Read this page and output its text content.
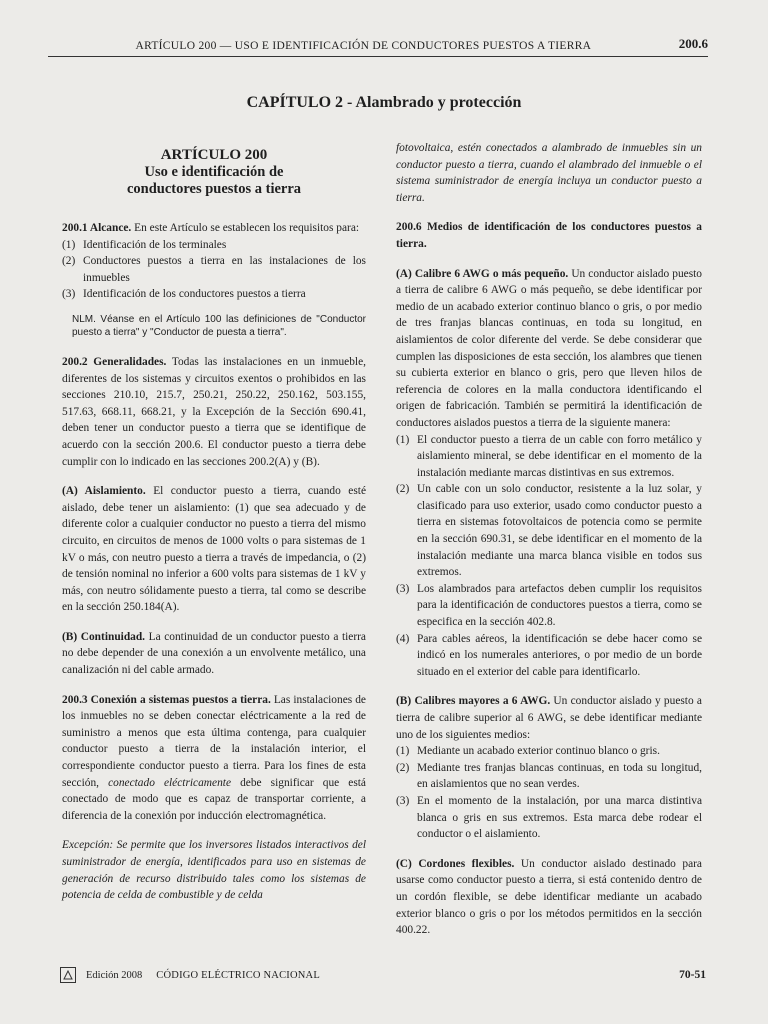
ARTÍCULO 200 — USO E IDENTIFICACIÓN DE CONDUCTORES PUESTOS A TIERRA	200.6
CAPÍTULO 2 - Alambrado y protección
ARTÍCULO 200
Uso e identificación de
conductores puestos a tierra

200.1 Alcance. En este Artículo se establecen los requisitos para:

(1) Identificación de los terminales
(2) Conductores puestos a tierra en las instalaciones de los inmuebles
(3) Identificación de los conductores puestos a tierra

NLM. Véanse en el Artículo 100 las definiciones de "Conductor puesto a tierra" y "Conductor de puesta a tierra".

200.2 Generalidades. Todas las instalaciones en un inmueble, diferentes de los sistemas y circuitos exentos o prohibidos en las secciones 210.10, 215.7, 250.21, 250.22, 250.162, 503.155, 517.63, 668.11, 668.21, y la Excepción de la Sección 690.41, deben tener un conductor puesto a tierra que se identifique de acuerdo con la sección 200.6. El conductor puesto a tierra debe cumplir con lo indicado en las secciones 200.2(A) y (B).

(A) Aislamiento. El conductor puesto a tierra, cuando esté aislado, debe tener un aislamiento: (1) que sea adecuado y de diferente color a cualquier conductor no puesto a tierra del mismo circuito, en circuitos de menos de 1000 volts o para sistemas de 1 kV o más, con neutro puesto a tierra a través de impedancia, o (2) de tensión nominal no inferior a 600 volts para sistemas de 1 kV y más, con neutro sólidamente puesto a tierra, tal como se describe en la sección 250.184(A).

(B) Continuidad. La continuidad de un conductor puesto a tierra no debe depender de una conexión a un envolvente metálico, una canalización ni del cable armado.

200.3 Conexión a sistemas puestos a tierra. Las instalaciones de los inmuebles no se deben conectar eléctricamente a la red de suministro a menos que esta última contenga, para cualquier conductor puesto a tierra de la instalación interior, el correspondiente conductor puesto a tierra. Para los fines de esta sección, conectado eléctricamente debe significar que está conectado de modo que es capaz de transportar corriente, a diferencia de la conexión por inducción electromagnética.

Excepción: Se permite que los inversores listados interactivos del suministrador de energía, identificados para uso en sistemas de generación de recurso distribuido tales como los sistemas de potencia de celda de combustible y de celda

fotovoltaica, estén conectados a alambrado de inmuebles sin un conductor puesto a tierra, cuando el alambrado del inmueble o el sistema suministrador de energía incluya un conductor puesto a tierra.

200.6 Medios de identificación de los conductores puestos a tierra.

(A) Calibre 6 AWG o más pequeño. Un conductor aislado puesto a tierra de calibre 6 AWG o más pequeño, se debe identificar por medio de un acabado exterior continuo blanco o gris, o por medio de tres franjas blancas continuas, en toda su longitud, en aislamientos de color diferente del verde. Se debe considerar que cumplen las disposiciones de esta sección, los alambres que tienen su cubierta exterior en blanco o gris, pero que lleven hilos de referencia de colores en la malla conductora identificando el origen de fabricación. También se permitirá la identificación de conductores aislados puestos a tierra de la siguiente manera:

(1) El conductor puesto a tierra de un cable con forro metálico y aislamiento mineral, se debe identificar en el momento de la instalación mediante marcas distintivas en sus extremos.
(2) Un cable con un solo conductor, resistente a la luz solar, y clasificado para uso exterior, usado como conductor puesto a tierra en sistemas fotovoltaicos de potencia como se permite en la sección 690.31, se debe identificar en el momento de la instalación mediante una marca blanca visible en todos sus extremos.
(3) Los alambrados para artefactos deben cumplir los requisitos para la identificación de conductores puestos a tierra, como se especifica en la sección 402.8.
(4) Para cables aéreos, la identificación se debe hacer como se indicó en los numerales anteriores, o por medio de un borde situado en el exterior del cable para identificarlo.

(B) Calibres mayores a 6 AWG. Un conductor aislado y puesto a tierra de calibre superior al 6 AWG, se debe identificar mediante uno de los siguientes medios:

(1) Mediante un acabado exterior continuo blanco o gris.
(2) Mediante tres franjas blancas continuas, en toda su longitud, en aislamientos que no sean verdes.
(3) En el momento de la instalación, por una marca distintiva blanca o gris en sus extremos. Esta marca debe rodear el conductor o el aislamiento.

(C) Cordones flexibles. Un conductor aislado destinado para usarse como conductor puesto a tierra, si está contenido dentro de un cordón flexible, se debe identificar mediante un acabado exterior blanco o gris o por los métodos permitidos en la sección 400.22.

Edición 2008 CÓDIGO ELÉCTRICO NACIONAL	70-51
